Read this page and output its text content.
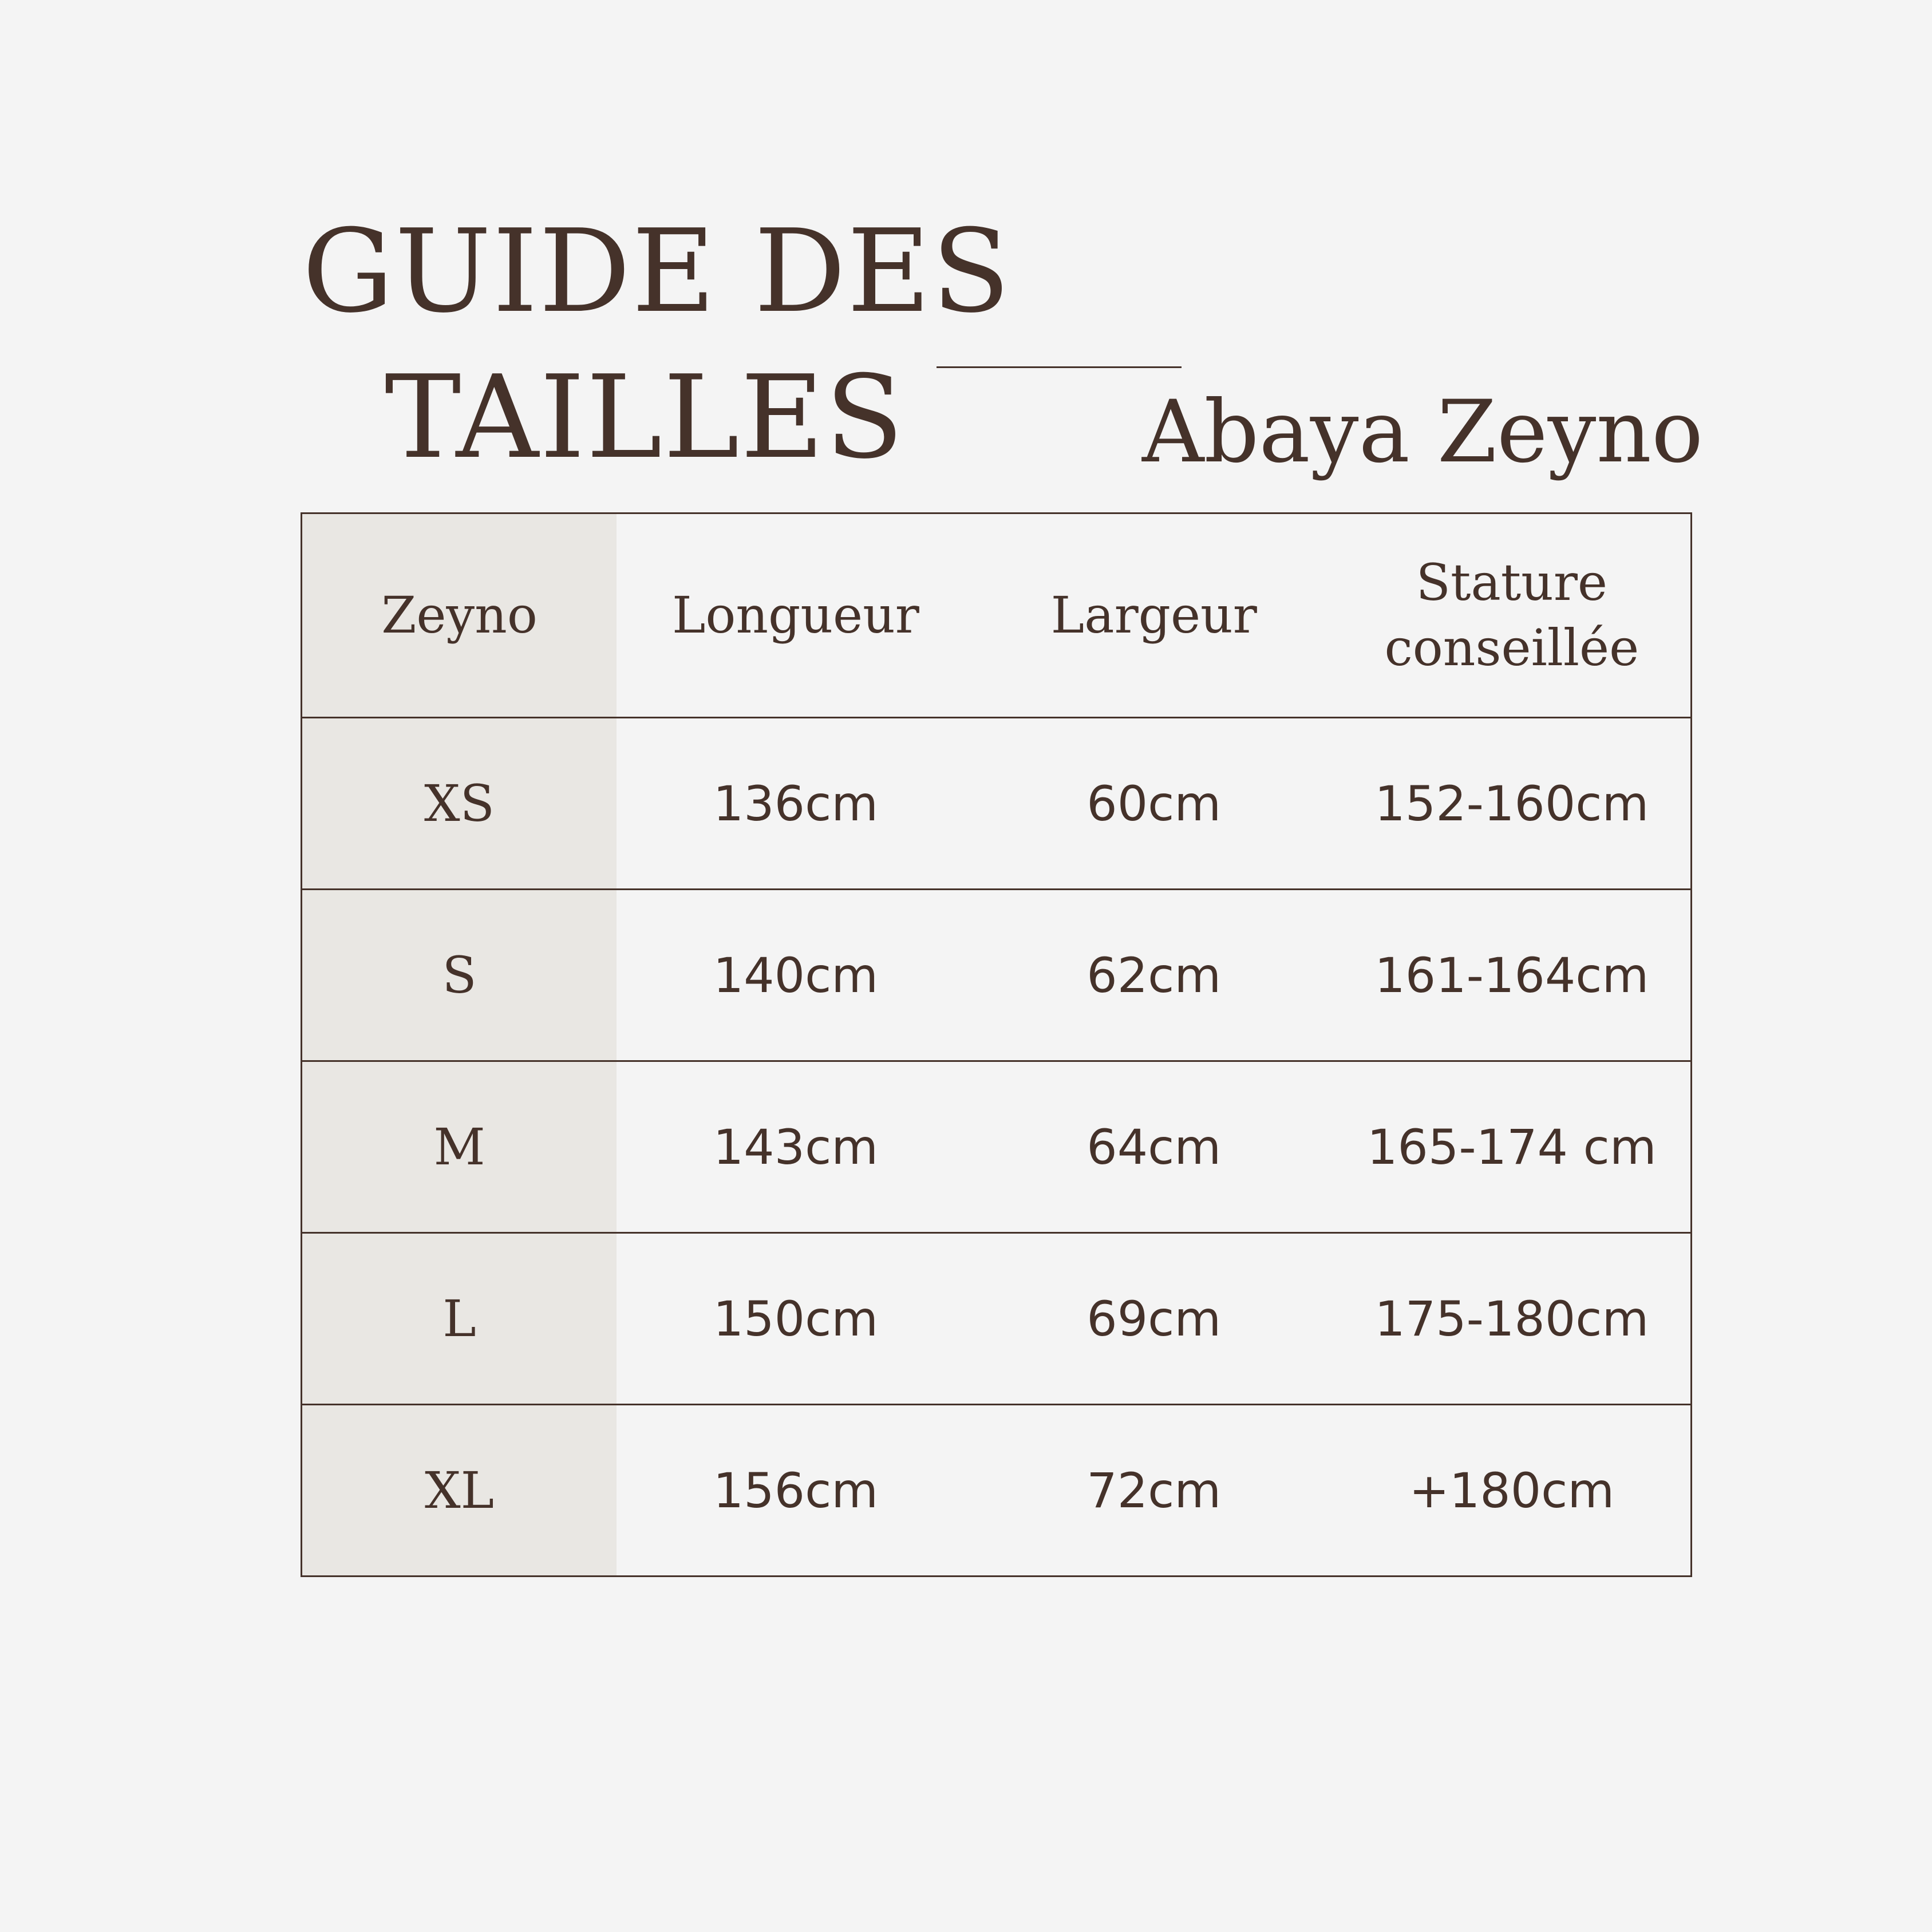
GUIDE DES
TAILLES	Abaya Zeyno
Zeyno	Longueur	Largeur	Stature conseillée
XS	136cm	60cm	152-160cm
S	140cm	62cm	161-164cm
M	143cm	64cm	165-174 cm
L	150cm	69cm	175-180cm
XL	156cm	72cm	+180cm
